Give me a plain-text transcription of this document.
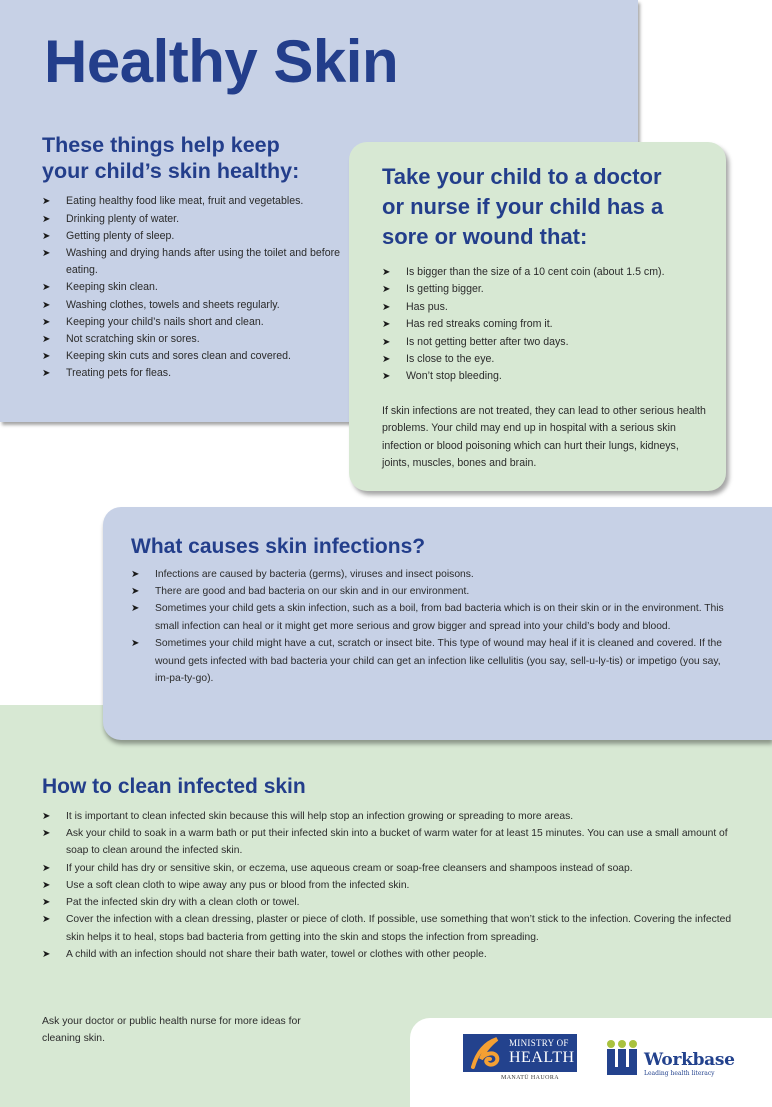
Healthy Skin
These things help keep
your child’s skin healthy:
➤ Eating healthy food like meat, fruit and vegetables.
➤ Drinking plenty of water.
➤ Getting plenty of sleep.
➤ Washing and drying hands after using the toilet and before eating.
➤ Keeping skin clean.
➤ Washing clothes, towels and sheets regularly.
➤ Keeping your child’s nails short and clean.
➤ Not scratching skin or sores.
➤ Keeping skin cuts and sores clean and covered.
➤ Treating pets for fleas.
Take your child to a doctor
or nurse if your child has a
sore or wound that:
➤ Is bigger than the size of a 10 cent coin (about 1.5 cm).
➤ Is getting bigger.
➤ Has pus.
➤ Has red streaks coming from it.
➤ Is not getting better after two days.
➤ Is close to the eye.
➤ Won’t stop bleeding.

If skin infections are not treated, they can lead to other serious health problems. Your child may end up in hospital with a serious skin infection or blood poisoning which can hurt their lungs, kidneys, joints, muscles, bones and brain.

What causes skin infections?
➤ Infections are caused by bacteria (germs), viruses and insect poisons.
➤ There are good and bad bacteria on our skin and in our environment.
➤ Sometimes your child gets a skin infection, such as a boil, from bad bacteria which is on their skin or in the environment. This small infection can heal or it might get more serious and grow bigger and spread into your child’s body and blood.
➤ Sometimes your child might have a cut, scratch or insect bite. This type of wound may heal if it is cleaned and covered. If the wound gets infected with bad bacteria your child can get an infection like cellulitis (you say, sell-u-ly-tis) or impetigo (you say, im-pa-ty-go).
How to clean infected skin
➤ It is important to clean infected skin because this will help stop an infection growing or spreading to more areas.
➤ Ask your child to soak in a warm bath or put their infected skin into a bucket of warm water for at least 15 minutes. You can use a small amount of soap to clean around the infected skin.
➤ If your child has dry or sensitive skin, or eczema, use aqueous cream or soap-free cleansers and shampoos instead of soap.
➤ Use a soft clean cloth to wipe away any pus or blood from the infected skin.
➤ Pat the infected skin dry with a clean cloth or towel.
➤ Cover the infection with a clean dressing, plaster or piece of cloth. If possible, use something that won’t stick to the infection. Covering the infected skin helps it to heal, stops bad bacteria from getting into the skin and stops the infection from spreading.
➤ A child with an infection should not share their bath water, towel or clothes with other people.

Ask your doctor or public health nurse for more ideas for cleaning skin.	MINISTRY OF
HEALTH
MANATŪ HAUORA
Workbase
Leading health literacy
